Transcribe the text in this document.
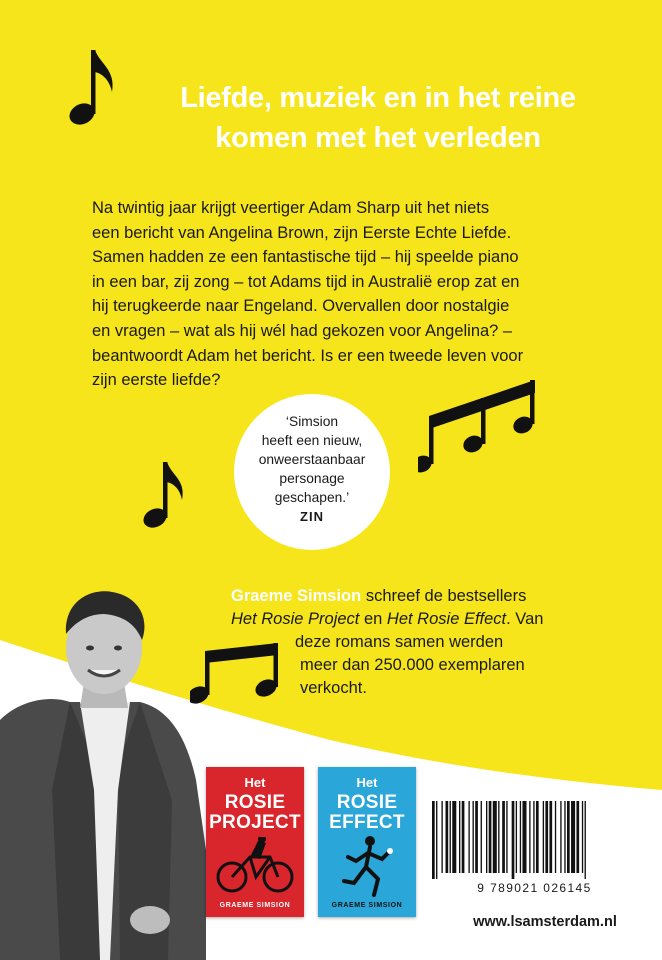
Liefde, muziek en in het reine
komen met het verleden
Na twintig jaar krijgt veertiger Adam Sharp uit het niets
een bericht van Angelina Brown, zijn Eerste Echte Liefde.
Samen hadden ze een fantastische tijd – hij speelde piano
in een bar, zij zong – tot Adams tijd in Australië erop zat en
hij terugkeerde naar Engeland. Overvallen door nostalgie
en vragen – wat als hij wél had gekozen voor Angelina? –
beantwoordt Adam het bericht. Is er een tweede leven voor
zijn eerste liefde?
‘Simsion
heeft een nieuw,
onweerstaanbaar
personage
geschapen.’
ZIN
Graeme Simsion schreef de bestsellers
Het Rosie Project en Het Rosie Effect. Van
deze romans samen werden
meer dan 250.000 exemplaren
verkocht.
Het
ROSIE
PROJECT
GRAEME SIMSION
Het
ROSIE
EFFECT
GRAEME SIMSION
9 789021 026145
www.lsamsterdam.nl
